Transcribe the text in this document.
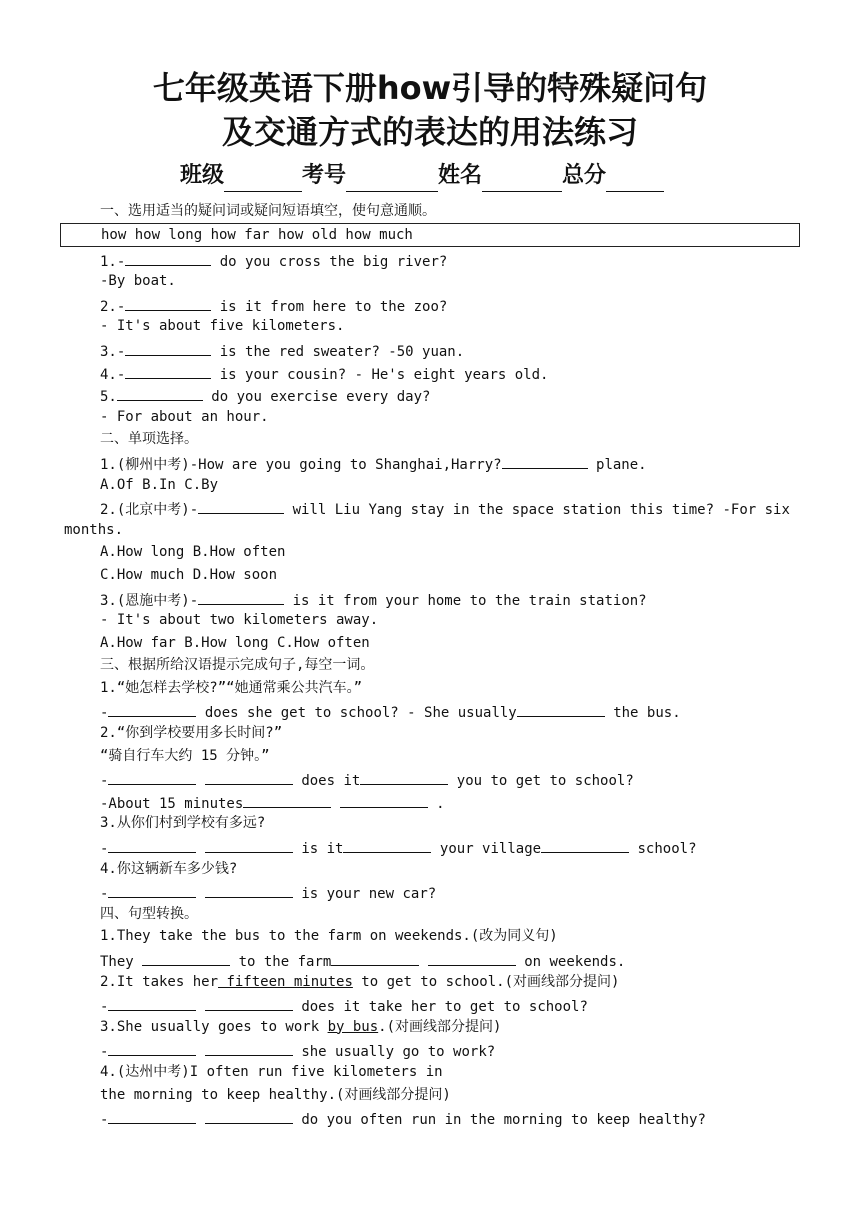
七年级英语下册how引导的特殊疑问句
及交通方式的表达的用法练习
班级	考号	姓名	总分
一、选用适当的疑问词或疑问短语填空，使句意通顺。
how how long how far how old how much
1.-	do you cross the big river?
-By boat.
2.-	is it from here to the zoo?
- It's about five kilometers.
3.-	is the red sweater? -50 yuan.
4.-	is your cousin? - He's eight years old.
5.	do you exercise every day?
- For about an hour.
二、单项选择。
1.(柳州中考)-How are you going to Shanghai,Harry?	plane.
A.Of B.In C.By
2.(北京中考)-	will Liu Yang stay in the space station this time? -For six
months.
A.How long B.How often
C.How much D.How soon
3.(恩施中考)-	is it from your home to the train station?
- It's about two kilometers away.
A.How far B.How long C.How often
三、根据所给汉语提示完成句子,每空一词。
1.“她怎样去学校?”“她通常乘公共汽车。”
-	does she get to school? - She usually	the bus.
2.“你到学校要用多长时间?”
“骑自行车大约 15 分钟。”
-	does it	you to get to school?
-About 15 minutes	.
3.从你们村到学校有多远?
-	is it	your village	school?
4.你这辆新车多少钱?
-	is your new car?
四、句型转换。
1.They take the bus to the farm on weekends.(改为同义句)
They	to the farm	on weekends.
2.It takes her fifteen minutes to get to school.(对画线部分提问)
-	does it take her to get to school?
3.She usually goes to work by bus.(对画线部分提问)
-	she usually go to work?
4.(达州中考)I often run five kilometers in
the morning to keep healthy.(对画线部分提问)
-	do you often run in the morning to keep healthy?
